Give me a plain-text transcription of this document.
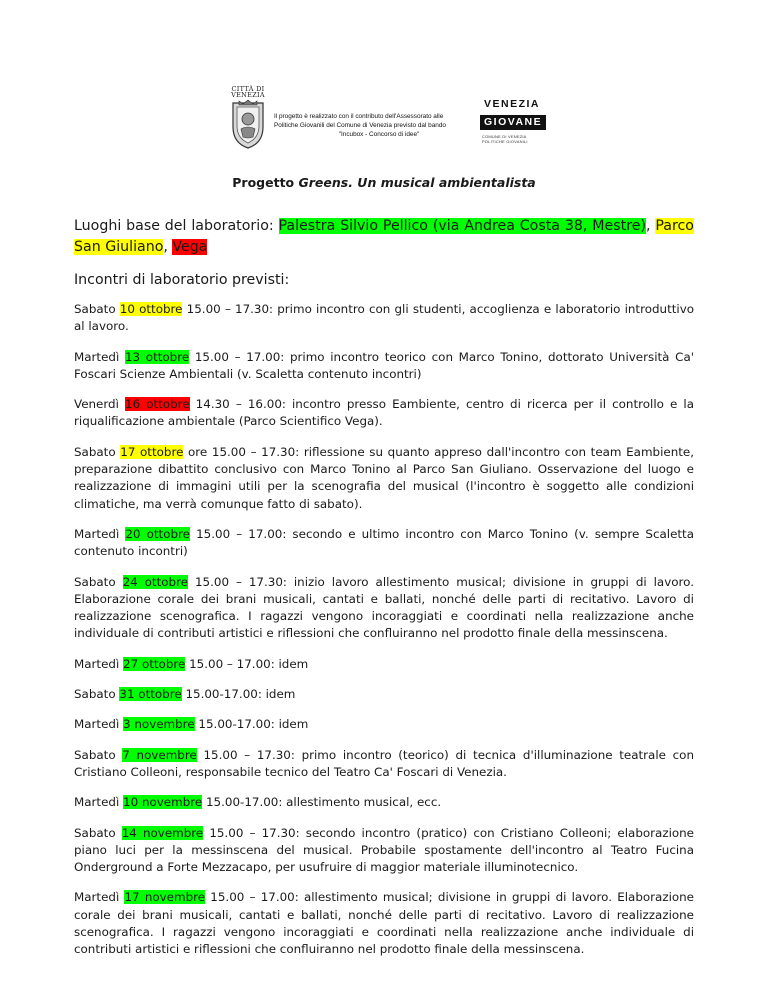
CITTÀ DI VENEZIA
Il progetto è realizzato con il contributo dell'Assessorato alle
Politiche Giovanili del Comune di Venezia previsto dal bando
"Incubox - Concorso di idee"
VENEZIA
GIOVANE
COMUNE DI VENEZIA
POLITICHE GIOVANILI
Progetto Greens. Un musical ambientalista

Luoghi base del laboratorio: Palestra Silvio Pellico (via Andrea Costa 38, Mestre), Parco San Giuliano, Vega

Incontri di laboratorio previsti:

Sabato 10 ottobre 15.00 – 17.30: primo incontro con gli studenti, accoglienza e laboratorio introduttivo al lavoro.

Martedì 13 ottobre 15.00 – 17.00: primo incontro teorico con Marco Tonino, dottorato Università Ca' Foscari Scienze Ambientali (v. Scaletta contenuto incontri)

Venerdì 16 ottobre 14.30 – 16.00: incontro presso Eambiente, centro di ricerca per il controllo e la riqualificazione ambientale (Parco Scientifico Vega).

Sabato 17 ottobre ore 15.00 – 17.30: riflessione su quanto appreso dall'incontro con team Eambiente, preparazione dibattito conclusivo con Marco Tonino al Parco San Giuliano. Osservazione del luogo e realizzazione di immagini utili per la scenografia del musical (l'incontro è soggetto alle condizioni climatiche, ma verrà comunque fatto di sabato).

Martedì 20 ottobre 15.00 – 17.00: secondo e ultimo incontro con Marco Tonino (v. sempre Scaletta contenuto incontri)

Sabato 24 ottobre 15.00 – 17.30: inizio lavoro allestimento musical; divisione in gruppi di lavoro. Elaborazione corale dei brani musicali, cantati e ballati, nonché delle parti di recitativo. Lavoro di realizzazione scenografica. I ragazzi vengono incoraggiati e coordinati nella realizzazione anche individuale di contributi artistici e riflessioni che confluiranno nel prodotto finale della messinscena.

Martedì 27 ottobre 15.00 – 17.00: idem

Sabato 31 ottobre 15.00-17.00: idem

Martedì 3 novembre 15.00-17.00: idem

Sabato 7 novembre 15.00 – 17.30: primo incontro (teorico) di tecnica d'illuminazione teatrale con Cristiano Colleoni, responsabile tecnico del Teatro Ca' Foscari di Venezia.

Martedì 10 novembre 15.00-17.00: allestimento musical, ecc.

Sabato 14 novembre 15.00 – 17.30: secondo incontro (pratico) con Cristiano Colleoni; elaborazione piano luci per la messinscena del musical. Probabile spostamente dell'incontro al Teatro Fucina Onderground a Forte Mezzacapo, per usufruire di maggior materiale illuminotecnico.

Martedì 17 novembre 15.00 – 17.00: allestimento musical; divisione in gruppi di lavoro. Elaborazione corale dei brani musicali, cantati e ballati, nonché delle parti di recitativo. Lavoro di realizzazione scenografica. I ragazzi vengono incoraggiati e coordinati nella realizzazione anche individuale di contributi artistici e riflessioni che confluiranno nel prodotto finale della messinscena.
